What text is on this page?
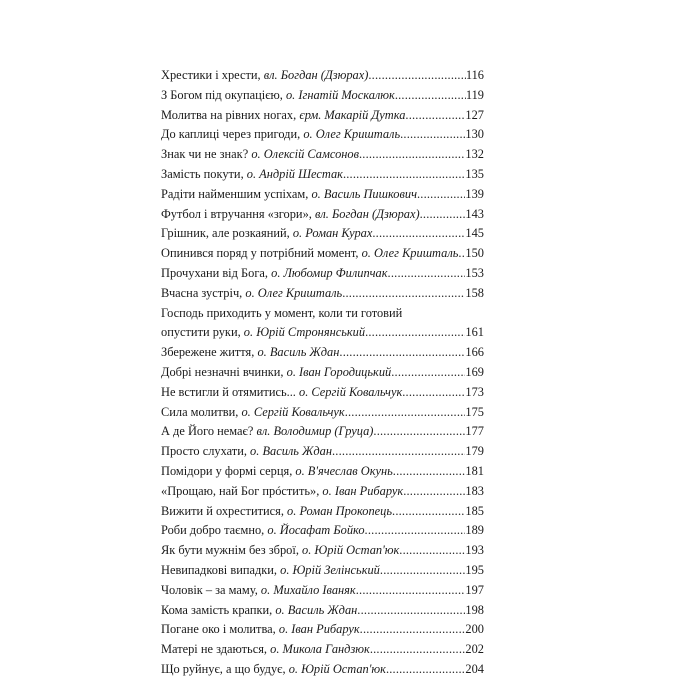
Хрестики і хрести, вл. Богдан (Дзюрах) .....	116
З Богом під окупацією, о. Ігнатій Москалюк .....	119
Молитва на рівних ногах, єрм. Макарій Дутка .....	127
До каплиці через пригоди, о. Олег Кришталь .....	130
Знак чи не знак? о. Олексій Самсонов .....	132
Замість покути, о. Андрій Шестак .....	135
Радіти найменшим успіхам, о. Василь Пишкович .....	139
Футбол і втручання «згори», вл. Богдан (Дзюрах) .....	143
Грішник, але розкаяний, о. Роман Курах .....	145
Опинився поряд у потрібний момент, о. Олег Кришталь ..... 150
Прочухани від Бога, о. Любомир Филипчак .....	153
Вчасна зустріч, о. Олег Кришталь .....	158
Господь приходить у момент, коли ти готовий
опустити руки, о. Юрій Стронянський .....	161
Збережене життя, о. Василь Ждан .....	166
Добрі незначні вчинки, о. Іван Городицький .....	169
Не встигли й отямитись... о. Сергій Ковальчук .....	173
Сила молитви, о. Сергій Ковальчук .....	175
А де Його немає? вл. Володимир (Груца) .....	177
Просто слухати, о. Василь Ждан .....	179
Помідори у формі серця, о. В'ячеслав Окунь .....	181
«Прощаю, най Бог прóстить», о. Іван Рибарук .....	183
Вижити й охреститися, о. Роман Прокопець .....	185
Роби добро таємно, о. Йосафат Бойко .....	189
Як бути мужнім без зброї, о. Юрій Остап'юк .....	193
Невипадкові випадки, о. Юрій Зелінський .....	195
Чоловік – за маму, о. Михайло Іваняк .....	197
Кома замість крапки, о. Василь Ждан .....	198
Погане око і молитва, о. Іван Рибарук .....	200
Матері не здаються, о. Микола Гандзюк .....	202
Що руйнує, а що будує, о. Юрій Остап'юк .....	204
